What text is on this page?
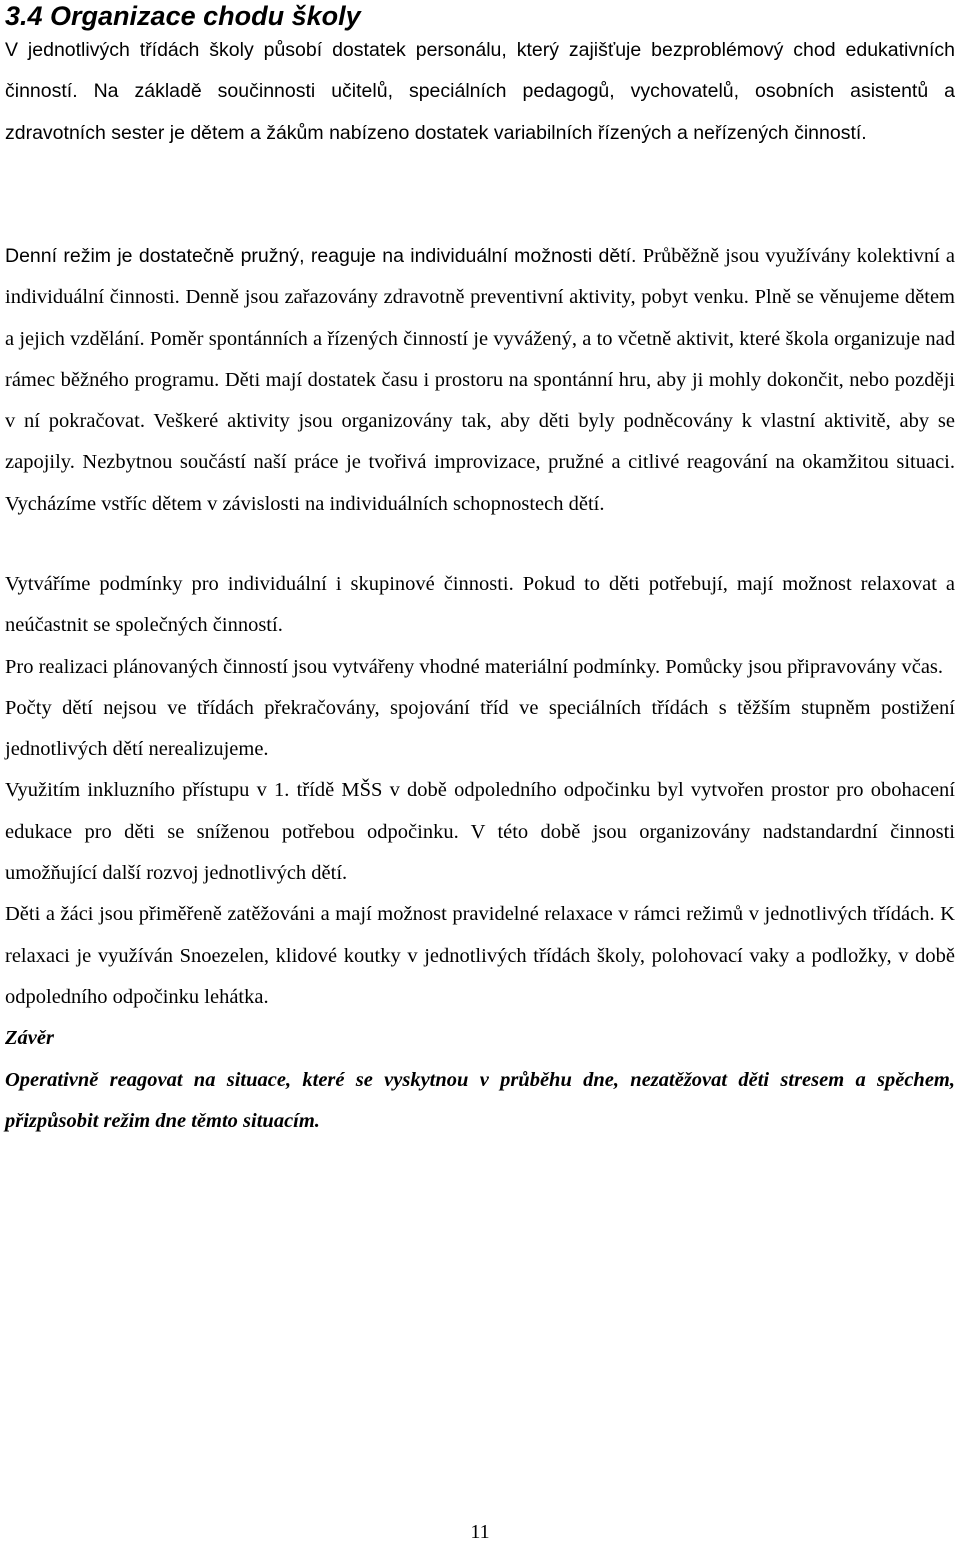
3.4 Organizace chodu školy

V jednotlivých třídách školy působí dostatek personálu, který zajišťuje bezproblémový chod edukativních činností. Na základě součinnosti učitelů, speciálních pedagogů, vychovatelů, osobních asistentů a zdravotních sester je dětem a žákům nabízeno dostatek variabilních řízených a neřízených činností.

Denní režim je dostatečně pružný, reaguje na individuální možnosti dětí. Průběžně jsou využívány kolektivní a individuální činnosti. Denně jsou zařazovány zdravotně preventivní aktivity, pobyt venku. Plně se věnujeme dětem a jejich vzdělání. Poměr spontánních a řízených činností je vyvážený, a to včetně aktivit, které škola organizuje nad rámec běžného programu. Děti mají dostatek času i prostoru na spontánní hru, aby ji mohly dokončit, nebo později v ní pokračovat. Veškeré aktivity jsou organizovány tak, aby děti byly podněcovány k vlastní aktivitě, aby se zapojily. Nezbytnou součástí naší práce je tvořivá improvizace, pružné a citlivé reagování na okamžitou situaci. Vycházíme vstříc dětem v závislosti na individuálních schopnostech dětí.

Vytváříme podmínky pro individuální i skupinové činnosti. Pokud to děti potřebují, mají možnost relaxovat a neúčastnit se společných činností.

Pro realizaci plánovaných činností jsou vytvářeny vhodné materiální podmínky. Pomůcky jsou připravovány včas.

Počty dětí nejsou ve třídách překračovány, spojování tříd ve speciálních třídách s těžším stupněm postižení jednotlivých dětí nerealizujeme.

Využitím inkluzního přístupu v 1. třídě MŠS v době odpoledního odpočinku byl vytvořen prostor pro obohacení edukace pro děti se sníženou potřebou odpočinku. V této době jsou organizovány nadstandardní činnosti umožňující další rozvoj jednotlivých dětí.

Děti a žáci jsou přiměřeně zatěžováni a mají možnost pravidelné relaxace v rámci režimů v jednotlivých třídách. K relaxaci je využíván Snoezelen, klidové koutky v jednotlivých třídách školy, polohovací vaky a podložky, v době odpoledního odpočinku lehátka.

Závěr

Operativně reagovat na situace, které se vyskytnou v průběhu dne, nezatěžovat děti stresem a spěchem, přizpůsobit režim dne těmto situacím.

11
